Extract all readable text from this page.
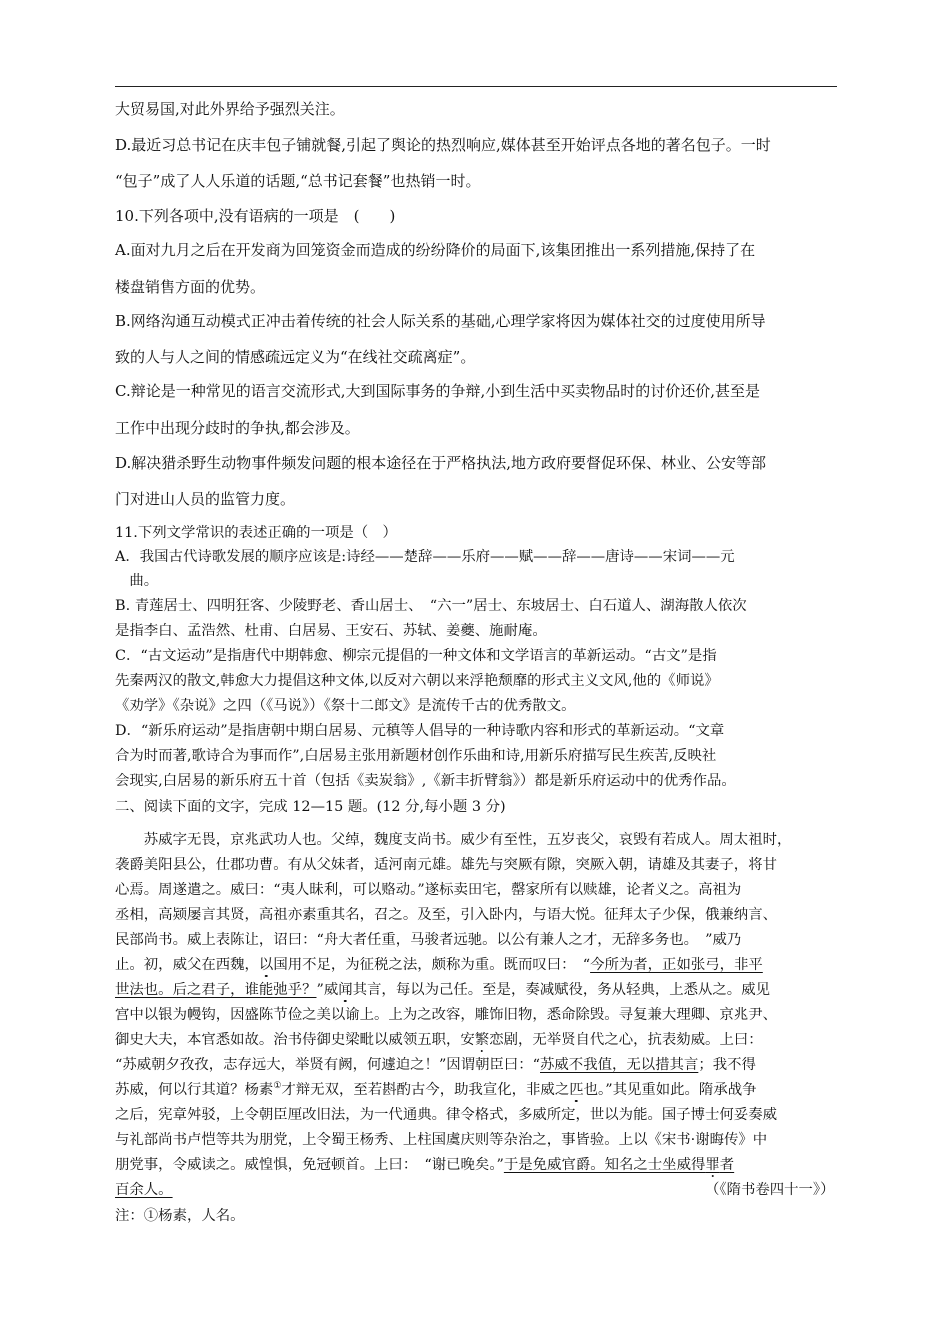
大贸易国,对此外界给予强烈关注。
D.最近习总书记在庆丰包子铺就餐,引起了舆论的热烈响应,媒体甚至开始评点各地的著名包子。一时
“包子”成了人人乐道的话题,“总书记套餐”也热销一时。
10.下列各项中,没有语病的一项是　(　　)
A.面对九月之后在开发商为回笼资金而造成的纷纷降价的局面下,该集团推出一系列措施,保持了在
楼盘销售方面的优势。
B.网络沟通互动模式正冲击着传统的社会人际关系的基础,心理学家将因为媒体社交的过度使用所导
致的人与人之间的情感疏远定义为“在线社交疏离症”。
C.辩论是一种常见的语言交流形式,大到国际事务的争辩,小到生活中买卖物品时的讨价还价,甚至是
工作中出现分歧时的争执,都会涉及。
D.解决猎杀野生动物事件频发问题的根本途径在于严格执法,地方政府要督促环保、林业、公安等部
门对进山人员的监管力度。
11.下列文学常识的表述正确的一项是（　）
A．我国古代诗歌发展的顺序应该是:诗经——楚辞——乐府——赋——辞——唐诗——宋词——元
　曲。
B. 青莲居士、四明狂客、少陵野老、香山居士、　“六一”居士、东坡居士、白石道人、湖海散人依次
是指李白、孟浩然、杜甫、白居易、王安石、苏轼、姜夔、施耐庵。
C．“古文运动”是指唐代中期韩愈、柳宗元提倡的一种文体和文学语言的革新运动。“古文”是指
先秦两汉的散文,韩愈大力提倡这种文体,以反对六朝以来浮艳颓靡的形式主义文风,他的《师说》
《劝学》《杂说》之四（《马说》）《祭十二郎文》是流传千古的优秀散文。
D．“新乐府运动”是指唐朝中期白居易、元稹等人倡导的一种诗歌内容和形式的革新运动。“文章
合为时而著,歌诗合为事而作”,白居易主张用新题材创作乐曲和诗,用新乐府描写民生疾苦,反映社
会现实,白居易的新乐府五十首（包括《卖炭翁》,《新丰折臂翁》）都是新乐府运动中的优秀作品。
二、阅读下面的文字，完成 12—15 题。(12 分,每小题 3 分)
　　苏威字无畏，京兆武功人也。父绰，魏度支尚书。威少有至性，五岁丧父，哀毁有若成人。周太祖时，
袭爵美阳县公，仕郡功曹。有从父妹者，适河南元雄。雄先与突厥有隙，突厥入朝，请雄及其妻子，将甘
心焉。周遂遣之。威曰：“夷人昧利，可以赂动。”遂标卖田宅，罄家所有以赎雄，论者义之。高祖为
丞相，高颎屡言其贤，高祖亦素重其名，召之。及至，引入卧内，与语大悦。征拜太子少保，俄兼纳言、
民部尚书。威上表陈让，诏曰：“舟大者任重，马骏者远驰。以公有兼人之才，无辞多务也。　”威乃
止。初，威父在西魏，以国用不足，为征税之法，颇称为重。既而叹曰：　“今所为者，正如张弓，非平
世法也。后之君子，谁能弛乎？”威闻其言，每以为己任。至是，奏减赋役，务从轻典，上悉从之。威见
宫中以银为幔钩，因盛陈节俭之美以谕上。上为之改容，雕饰旧物，悉命除毁。寻复兼大理卿、京兆尹、
御史大夫，本官悉如故。治书侍御史梁毗以威领五职，安繁恋剧，无举贤自代之心，抗表劾威。上曰：
“苏威朝夕孜孜，志存远大，举贤有阙，何遽迫之！”因谓朝臣曰：“苏威不我值，无以措其言；我不得
苏威，何以行其道？杨素①才辩无双，至若斟酌古今，助我宣化，非威之匹也。”其见重如此。隋承战争
之后，宪章舛驳，上令朝臣厘改旧法，为一代通典。律令格式，多威所定，世以为能。国子博士何妥奏威
与礼部尚书卢恺等共为朋党，上令蜀王杨秀、上柱国虞庆则等杂治之，事皆验。上以《宋书·谢晦传》中
朋党事，令威读之。威惶惧，免冠顿首。上曰：　“谢已晚矣。”于是免威官爵。知名之士坐威得罪者
百余人。	（《隋书卷四十一》）
注：①杨素，人名。
